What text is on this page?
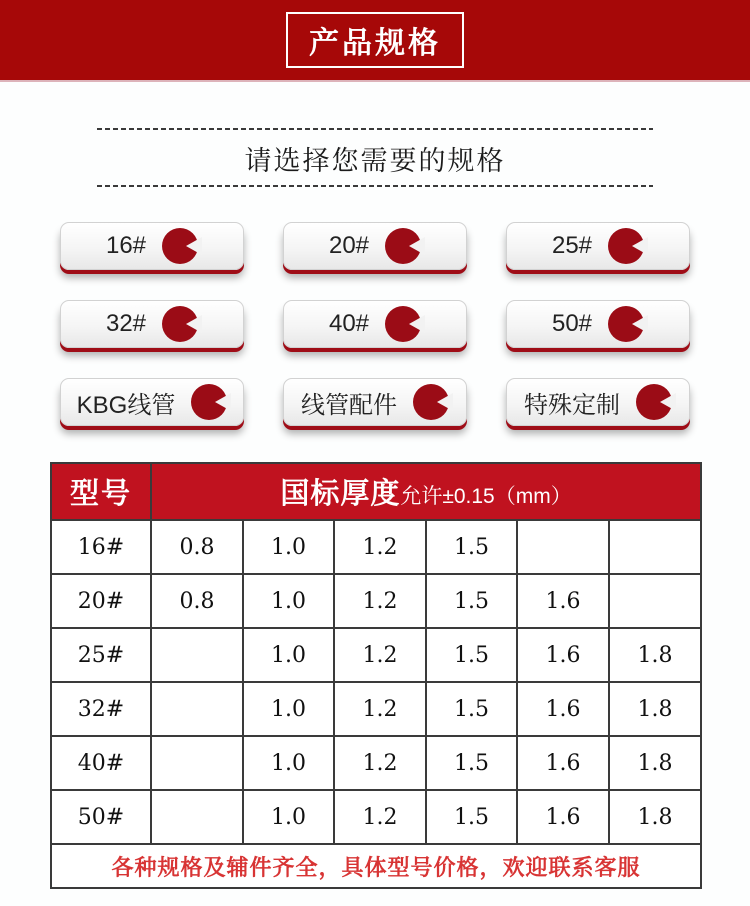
产品规格
请选择您需要的规格
16#	20#	25#
32#	40#	50#
KBG线管	线管配件	特殊定制
型号	国标厚度允许±0.15（mm）					
16#	0.8	1.0	1.2	1.5		
20#	0.8	1.0	1.2	1.5	1.6	
25#		1.0	1.2	1.5	1.6	1.8
32#		1.0	1.2	1.5	1.6	1.8
40#		1.0	1.2	1.5	1.6	1.8
50#		1.0	1.2	1.5	1.6	1.8
各种规格及辅件齐全，具体型号价格，欢迎联系客服						
